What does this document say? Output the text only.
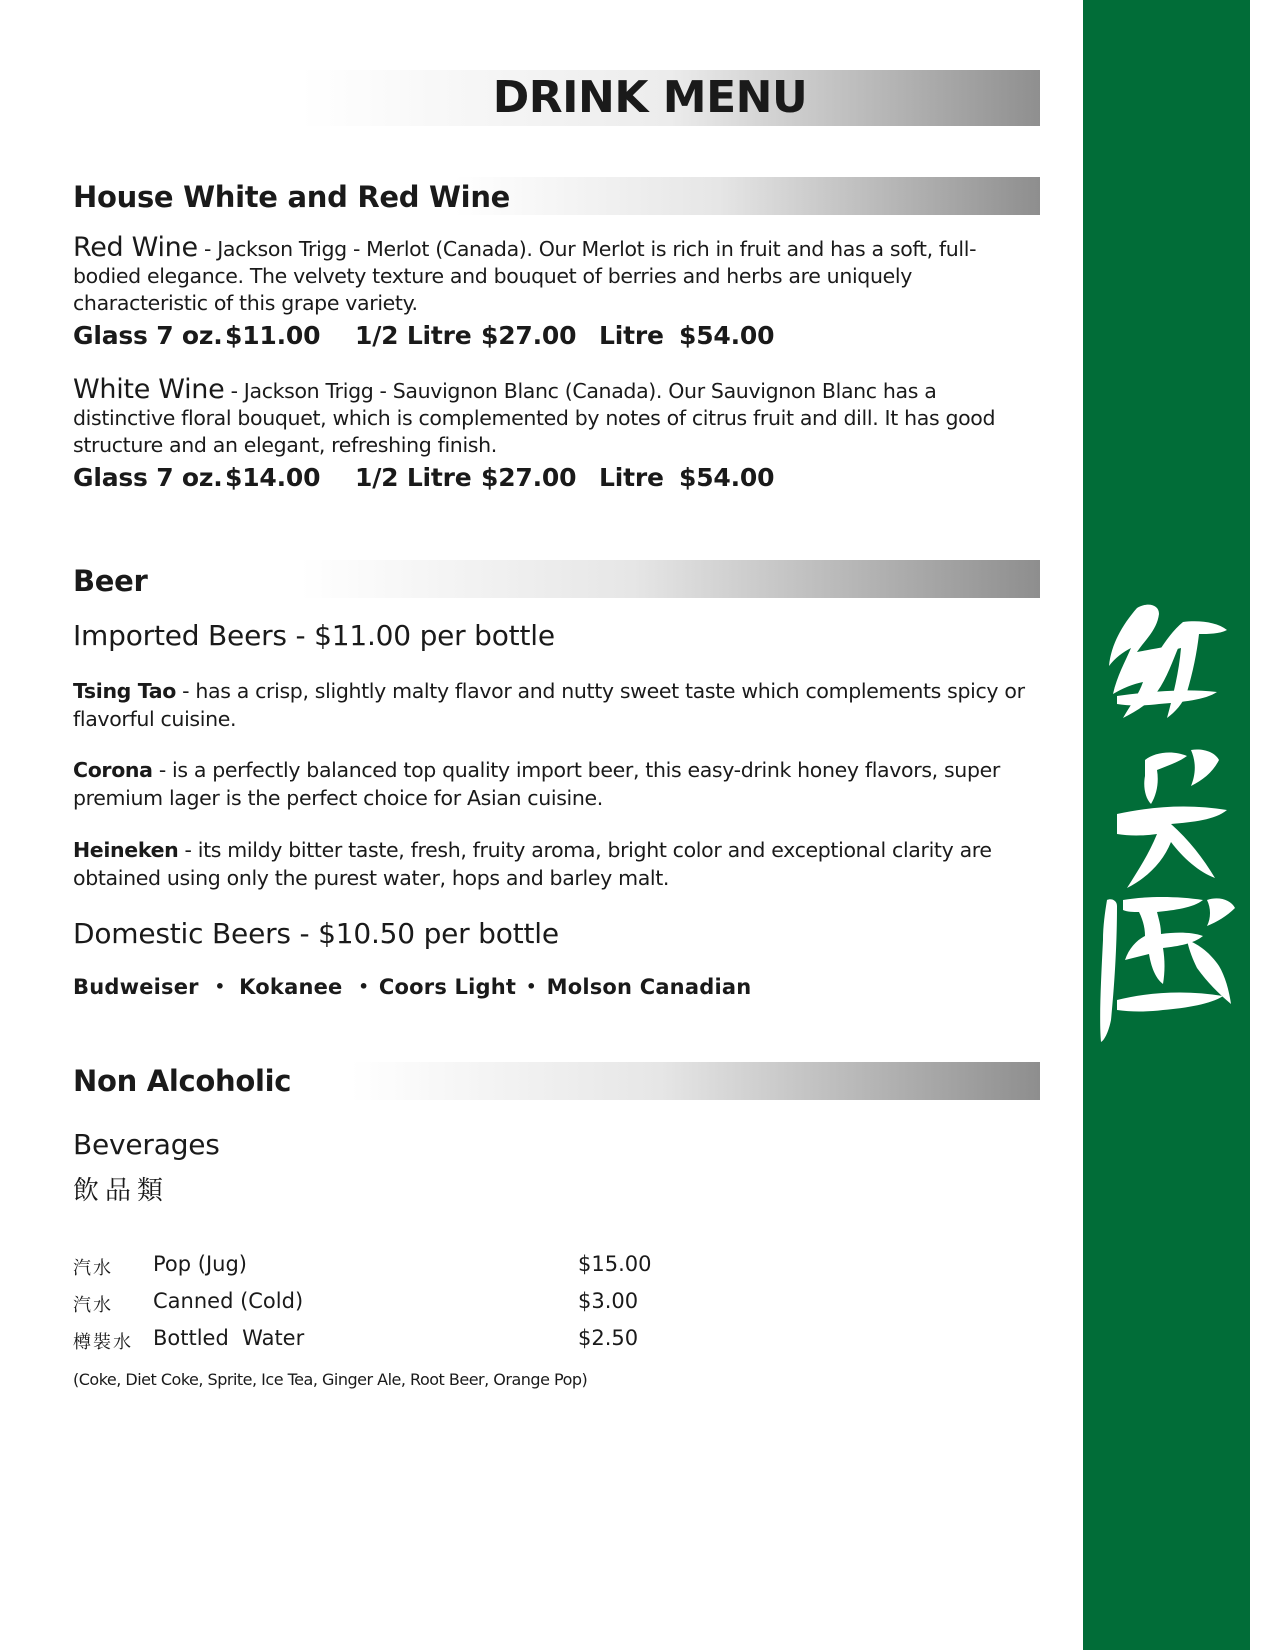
DRINK MENU
House White and Red Wine
Red Wine - Jackson Trigg - Merlot (Canada). Our Merlot is rich in fruit and has a soft, full-bodied elegance. The velvety texture and bouquet of berries and herbs are uniquely characteristic of this grape variety.
Glass 7 oz.$11.00 1/2 Litre $27.00 Litre $54.00
White Wine - Jackson Trigg - Sauvignon Blanc (Canada). Our Sauvignon Blanc has a distinctive floral bouquet, which is complemented by notes of citrus fruit and dill. It has good structure and an elegant, refreshing finish.
Glass 7 oz.$14.00 1/2 Litre $27.00 Litre $54.00
Beer
Imported Beers - $11.00 per bottle
Tsing Tao - has a crisp, slightly malty flavor and nutty sweet taste which complements spicy or flavorful cuisine.
Corona - is a perfectly balanced top quality import beer, this easy-drink honey flavors, super premium lager is the perfect choice for Asian cuisine.
Heineken - its mildy bitter taste, fresh, fruity aroma, bright color and exceptional clarity are obtained using only the purest water, hops and barley malt.
Domestic Beers - $10.50 per bottle
Budweiser • Kokanee • Coors Light • Molson Canadian
Non Alcoholic
Beverages
飲品類
汽水 Pop (Jug)	$15.00
汽水 Canned (Cold)	$3.00
樽裝水 Bottled  Water	$2.50
(Coke, Diet Coke, Sprite, Ice Tea, Ginger Ale, Root Beer, Orange Pop)
